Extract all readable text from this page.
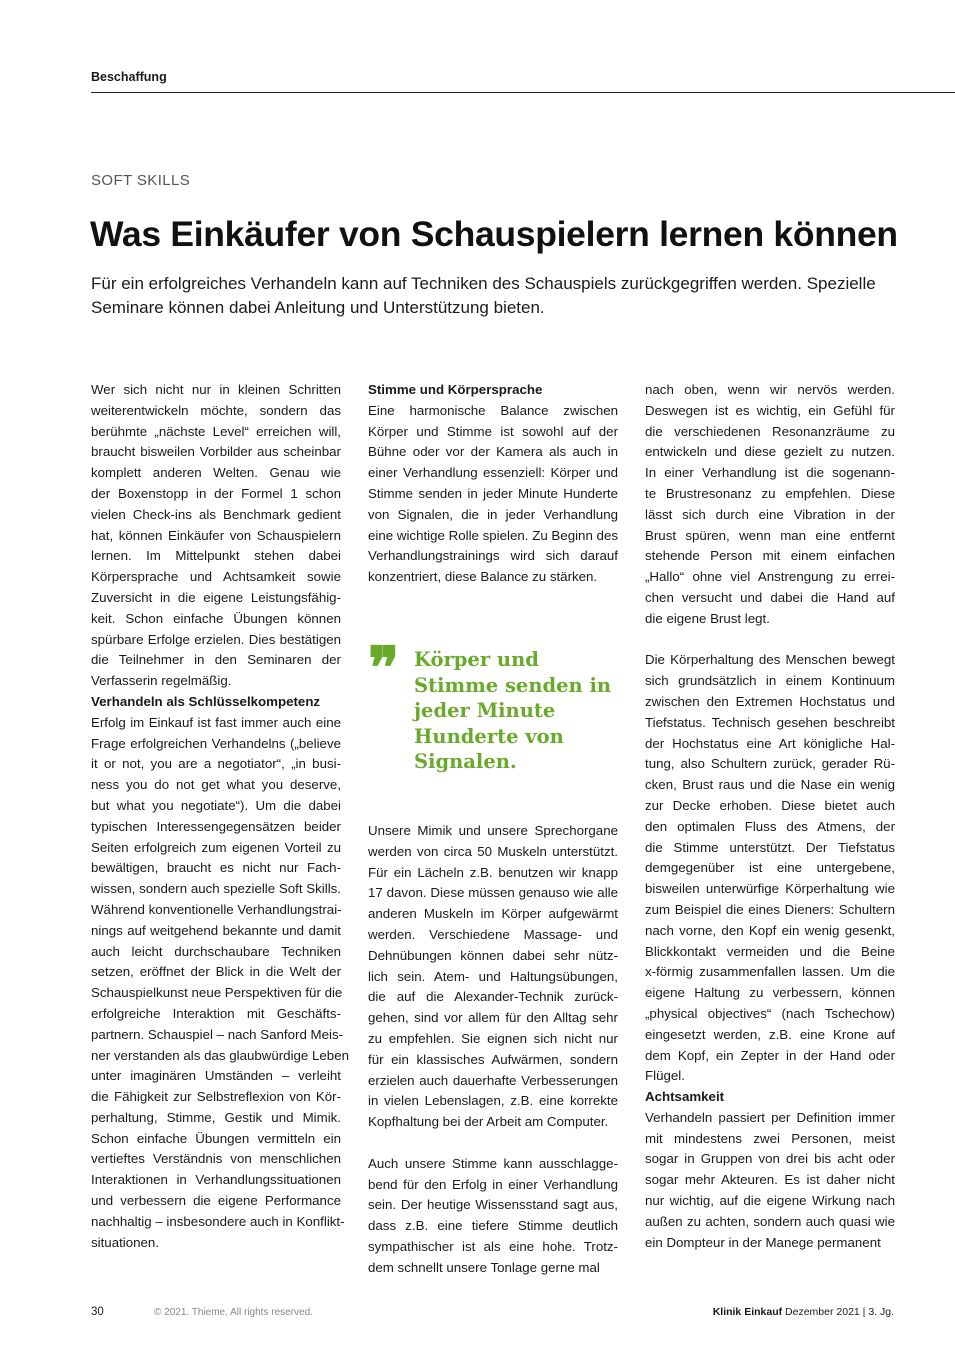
Beschaffung
SOFT SKILLS
Was Einkäufer von Schauspielern lernen können

Für ein erfolgreiches Verhandeln kann auf Techniken des Schauspiels zurückgegriffen werden. Spezielle Seminare können dabei Anleitung und Unterstützung bieten.

Wer sich nicht nur in kleinen Schritten
weiterentwickeln möchte, sondern das
berühmte „nächste Level“ erreichen will,
braucht bisweilen Vorbilder aus scheinbar
komplett anderen Welten. Genau wie
der Boxenstopp in der Formel 1 schon
vielen Check-ins als Benchmark gedient
hat, können Einkäufer von Schauspielern
lernen. Im Mittelpunkt stehen dabei
Körpersprache und Achtsamkeit sowie
Zuversicht in die eigene Leistungsfähig-
keit. Schon einfache Übungen können
spürbare Erfolge erzielen. Dies bestätigen
die Teilnehmer in den Seminaren der
Verfasserin regelmäßig.

Verhandeln als Schlüsselkompetenz

Erfolg im Einkauf ist fast immer auch eine
Frage erfolgreichen Verhandelns („believe
it or not, you are a negotiator“, „in busi-
ness you do not get what you deserve,
but what you negotiate“). Um die dabei
typischen Interessengegensätzen beider
Seiten erfolgreich zum eigenen Vorteil zu
bewältigen, braucht es nicht nur Fach-
wissen, sondern auch spezielle Soft Skills.
Während konventionelle Verhandlungstrai-
nings auf weitgehend bekannte und damit
auch leicht durchschaubare Techniken
setzen, eröffnet der Blick in die Welt der
Schauspielkunst neue Perspektiven für die
erfolgreiche Interaktion mit Geschäfts-
partnern. Schauspiel – nach Sanford Meis-
ner verstanden als das glaubwürdige Leben
unter imaginären Umständen – verleiht
die Fähigkeit zur Selbstreflexion von Kör-
perhaltung, Stimme, Gestik und Mimik.
Schon einfache Übungen vermitteln ein
vertieftes Verständnis von menschlichen
Interaktionen in Verhandlungssituationen
und verbessern die eigene Performance
nachhaltig – insbesondere auch in Konflikt-
situationen.

Stimme und Körpersprache

Eine harmonische Balance zwischen
Körper und Stimme ist sowohl auf der
Bühne oder vor der Kamera als auch in
einer Verhandlung essenziell: Körper und
Stimme senden in jeder Minute Hunderte
von Signalen, die in jeder Verhandlung
eine wichtige Rolle spielen. Zu Beginn des
Verhandlungstrainings wird sich darauf
konzentriert, diese Balance zu stärken.

Unsere Mimik und unsere Sprechorgane
werden von circa 50 Muskeln unterstützt.
Für ein Lächeln z.B. benutzen wir knapp
17 davon. Diese müssen genauso wie alle
anderen Muskeln im Körper aufgewärmt
werden. Verschiedene Massage- und
Dehnübungen können dabei sehr nütz-
lich sein. Atem- und Haltungsübungen,
die auf die Alexander-Technik zurück-
gehen, sind vor allem für den Alltag sehr
zu empfehlen. Sie eignen sich nicht nur
für ein klassisches Aufwärmen, sondern
erzielen auch dauerhafte Verbesserungen
in vielen Lebenslagen, z.B. eine korrekte
Kopfhaltung bei der Arbeit am Computer.

Auch unsere Stimme kann ausschlagge-
bend für den Erfolg in einer Verhandlung
sein. Der heutige Wissensstand sagt aus,
dass z.B. eine tiefere Stimme deutlich
sympathischer ist als eine hohe. Trotz-
dem schnellt unsere Tonlage gerne mal

❞ Körper und Stimme senden in jeder Minute Hunderte von Signalen.

nach oben, wenn wir nervös werden.
Deswegen ist es wichtig, ein Gefühl für
die verschiedenen Resonanzräume zu
entwickeln und diese gezielt zu nutzen.
In einer Verhandlung ist die sogenann-
te Brustresonanz zu empfehlen. Diese
lässt sich durch eine Vibration in der
Brust spüren, wenn man eine entfernt
stehende Person mit einem einfachen
„Hallo“ ohne viel Anstrengung zu errei-
chen versucht und dabei die Hand auf
die eigene Brust legt.

Die Körperhaltung des Menschen bewegt
sich grundsätzlich in einem Kontinuum
zwischen den Extremen Hochstatus und
Tiefstatus. Technisch gesehen beschreibt
der Hochstatus eine Art königliche Hal-
tung, also Schultern zurück, gerader Rü-
cken, Brust raus und die Nase ein wenig
zur Decke erhoben. Diese bietet auch
den optimalen Fluss des Atmens, der
die Stimme unterstützt. Der Tiefstatus
demgegenüber ist eine untergebene,
bisweilen unterwürfige Körperhaltung wie
zum Beispiel die eines Dieners: Schultern
nach vorne, den Kopf ein wenig gesenkt,
Blickkontakt vermeiden und die Beine
x-förmig zusammenfallen lassen. Um die
eigene Haltung zu verbessern, können
„physical objectives“ (nach Tschechow)
eingesetzt werden, z.B. eine Krone auf
dem Kopf, ein Zepter in der Hand oder
Flügel.

Achtsamkeit

Verhandeln passiert per Definition immer
mit mindestens zwei Personen, meist
sogar in Gruppen von drei bis acht oder
sogar mehr Akteuren. Es ist daher nicht
nur wichtig, auf die eigene Wirkung nach
außen zu achten, sondern auch quasi wie
ein Dompteur in der Manege permanent

30	© 2021. Thieme. All rights reserved.	Klinik Einkauf Dezember 2021 | 3. Jg.
